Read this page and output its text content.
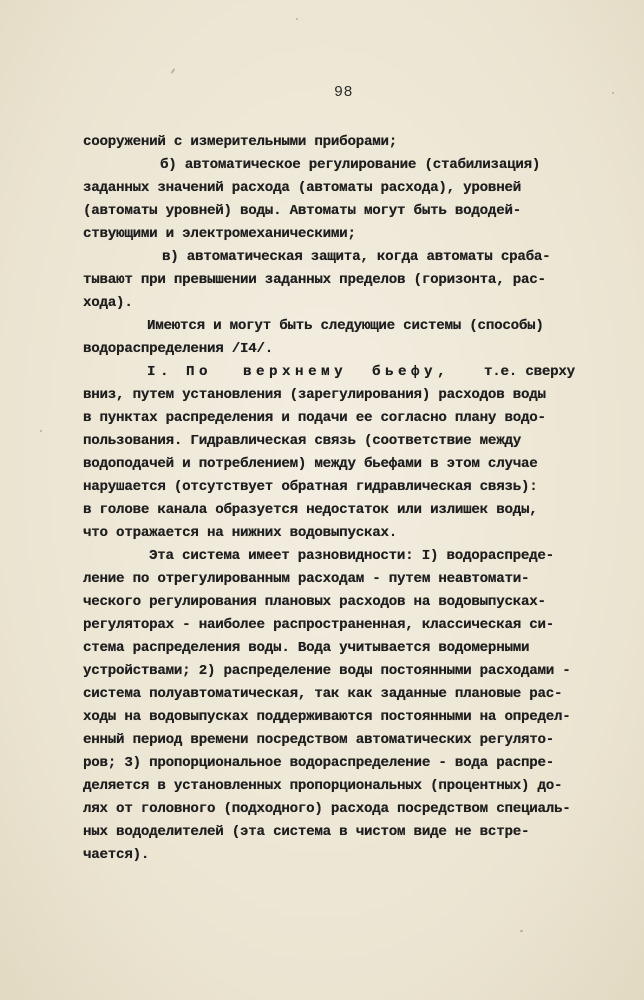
98
сооружений с измерительными приборами;
б) автоматическое регулирование (стабилизация)
заданных значений расхода (автоматы расхода), уровней
(автоматы уровней) воды. Автоматы могут быть вододей-
ствующими и электромеханическими;
в) автоматическая защита, когда автоматы сраба-
тывают при превышении заданных пределов (горизонта, рас-
хода).
Имеются и могут быть следующие системы (способы)
водораспределения /I4/.
I. По верхнему бьефу, т.е. сверху
вниз, путем установления (зарегулирования) расходов воды
в пунктах распределения и подачи ее согласно плану водо-
пользования. Гидравлическая связь (соответствие между
водоподачей и потреблением) между бьефами в этом случае
нарушается (отсутствует обратная гидравлическая связь):
в голове канала образуется недостаток или излишек воды,
что отражается на нижних водовыпусках.
Эта система имеет разновидности: I) водораспреде-
ление по отрегулированным расходам - путем неавтомати-
ческого регулирования плановых расходов на водовыпусках-
регуляторах - наиболее распространенная, классическая си-
стема распределения воды. Вода учитывается водомерными
устройствами; 2) распределение воды постоянными расходами -
система полуавтоматическая, так как заданные плановые рас-
ходы на водовыпусках поддерживаются постоянными на определ-
енный период времени посредством автоматических регулято-
ров; 3) пропорциональное водораспределение - вода распре-
деляется в установленных пропорциональных (процентных) до-
лях от головного (подходного) расхода посредством специаль-
ных вододелителей (эта система в чистом виде не встре-
чается).
